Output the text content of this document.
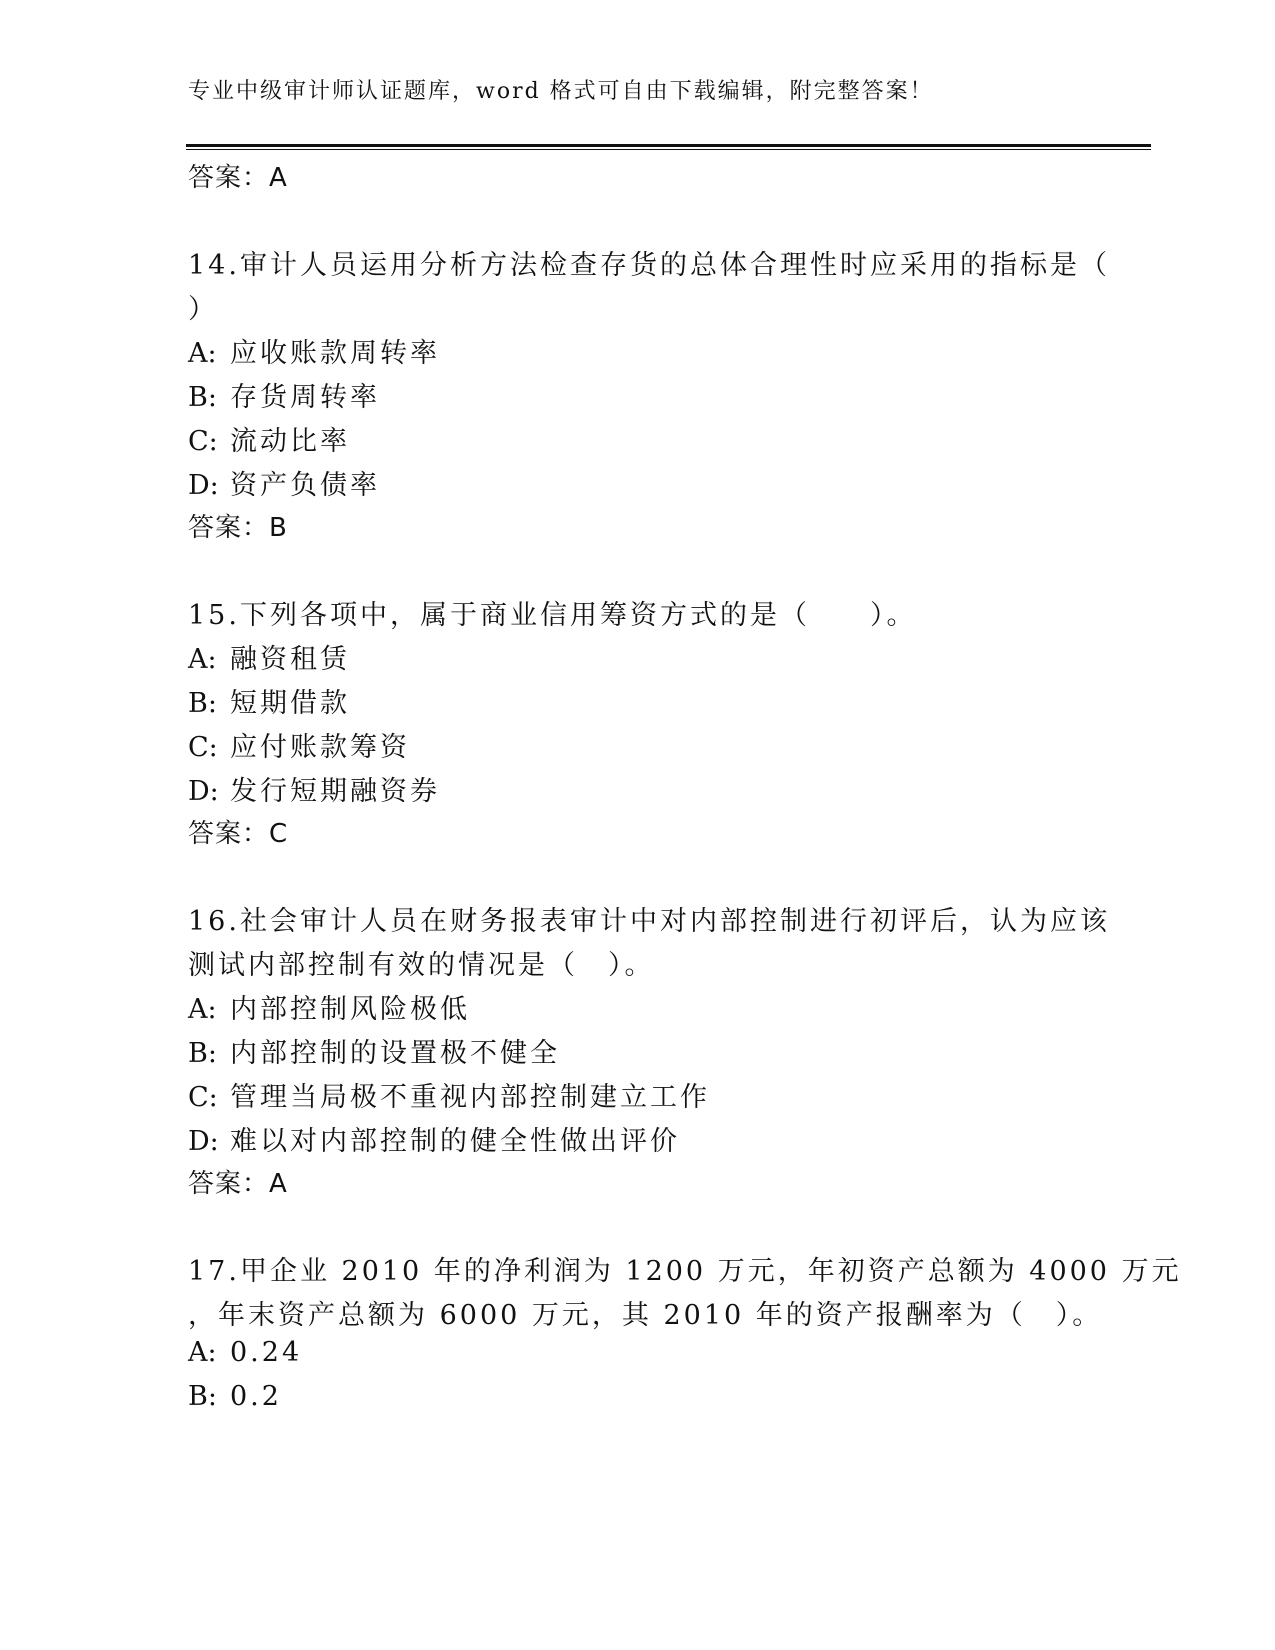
专业中级审计师认证题库，word 格式可自由下载编辑，附完整答案！
答案：A
14.审计人员运用分析方法检查存货的总体合理性时应采用的指标是（
）
A: 应收账款周转率
B: 存货周转率
C: 流动比率
D: 资产负债率
答案：B
15.下列各项中，属于商业信用筹资方式的是（　　）。
A: 融资租赁
B: 短期借款
C: 应付账款筹资
D: 发行短期融资券
答案：C
16.社会审计人员在财务报表审计中对内部控制进行初评后，认为应该
测试内部控制有效的情况是（　）。
A: 内部控制风险极低
B: 内部控制的设置极不健全
C: 管理当局极不重视内部控制建立工作
D: 难以对内部控制的健全性做出评价
答案：A
17.甲企业 2010 年的净利润为 1200 万元，年初资产总额为 4000 万元
，年末资产总额为 6000 万元，其 2010 年的资产报酬率为（　）。
A: 0.24
B: 0.2
